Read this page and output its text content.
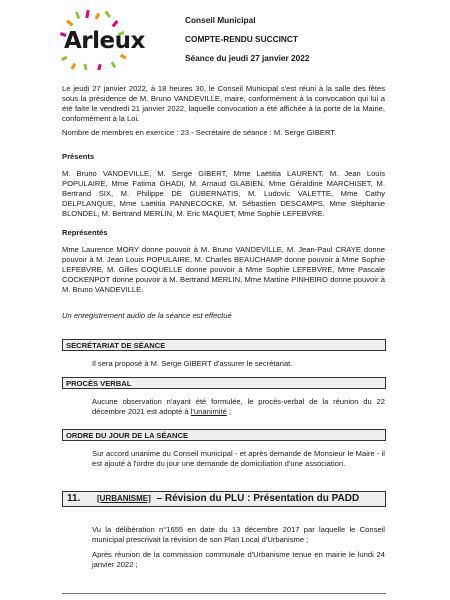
Arleux
Conseil Municipal
COMPTE-RENDU SUCCINCT
Séance du jeudi 27 janvier 2022
Le jeudi 27 janvier 2022, à 18 heures 30, le Conseil Municipal s'est réuni à la salle des fêtes sous la présidence de M. Bruno VANDEVILLE, maire, conformément à la convocation qui lui a été faite le vendredi 21 janvier 2022, laquelle convocation a été affichée à la porte de la Mairie, conformément à la Loi.
Nombre de membres en exercice : 23 - Secrétaire de séance : M. Serge GIBERT.
Présents
M. Bruno VANDEVILLE, M. Serge GIBERT, Mme Laëtitia LAURENT, M. Jean Louis POPULAIRE, Mme Fatima GHADI, M. Arnaud GLABIEN, Mme Géraldine MARCHISET, M. Bertrand SIX, M. Philippe DE GUBERNATIS, M. Ludovic VALETTE, Mme Cathy DELPLANQUE, Mme Laëtitia PANNECOCKE, M. Sébastien DESCAMPS, Mme Stéphanie BLONDEL, M. Bertrand MERLIN, M. Eric MAQUET, Mme Sophie LEFEBVRE.
Représentés
Mme Laurence MORY donne pouvoir à M. Bruno VANDEVILLE, M. Jean-Paul CRAYE donne pouvoir à M. Jean Louis POPULAIRE, M. Charles BEAUCHAMP donne pouvoir à Mme Sophie LEFEBVRE, M. Gilles COQUELLE donne pouvoir à Mme Sophie LEFEBVRE, Mme Pascale COCKENPOT donne pouvoir à M. Bertrand MERLIN, Mme Martine PINHEIRO donne pouvoir à M. Bruno VANDEVILLE.
Un enregistrement audio de la séance est effectué
SECRÉTARIAT DE SÉANCE
Il sera proposé à M. Serge GIBERT d'assurer le secrétariat.
PROCÈS VERBAL
Aucune observation n'ayant été formulée, le procès-verbal de la réunion du 22 décembre 2021 est adopté à l'unanimité ;
ORDRE DU JOUR DE LA SÉANCE
Sur accord unanime du Conseil municipal - et après demande de Monsieur le Maire - il est ajouté à l'ordre du jour une demande de domiciliation d'une association.
11. [URBANISME] – Révision du PLU : Présentation du PADD
Vu la délibération n°1655 en date du 13 décembre 2017 par laquelle le Conseil municipal prescrivait la révision de son Plan Local d'Urbanisme ;
Après réunion de la commission communale d'Urbanisme tenue en mairie le lundi 24 janvier 2022 ;
